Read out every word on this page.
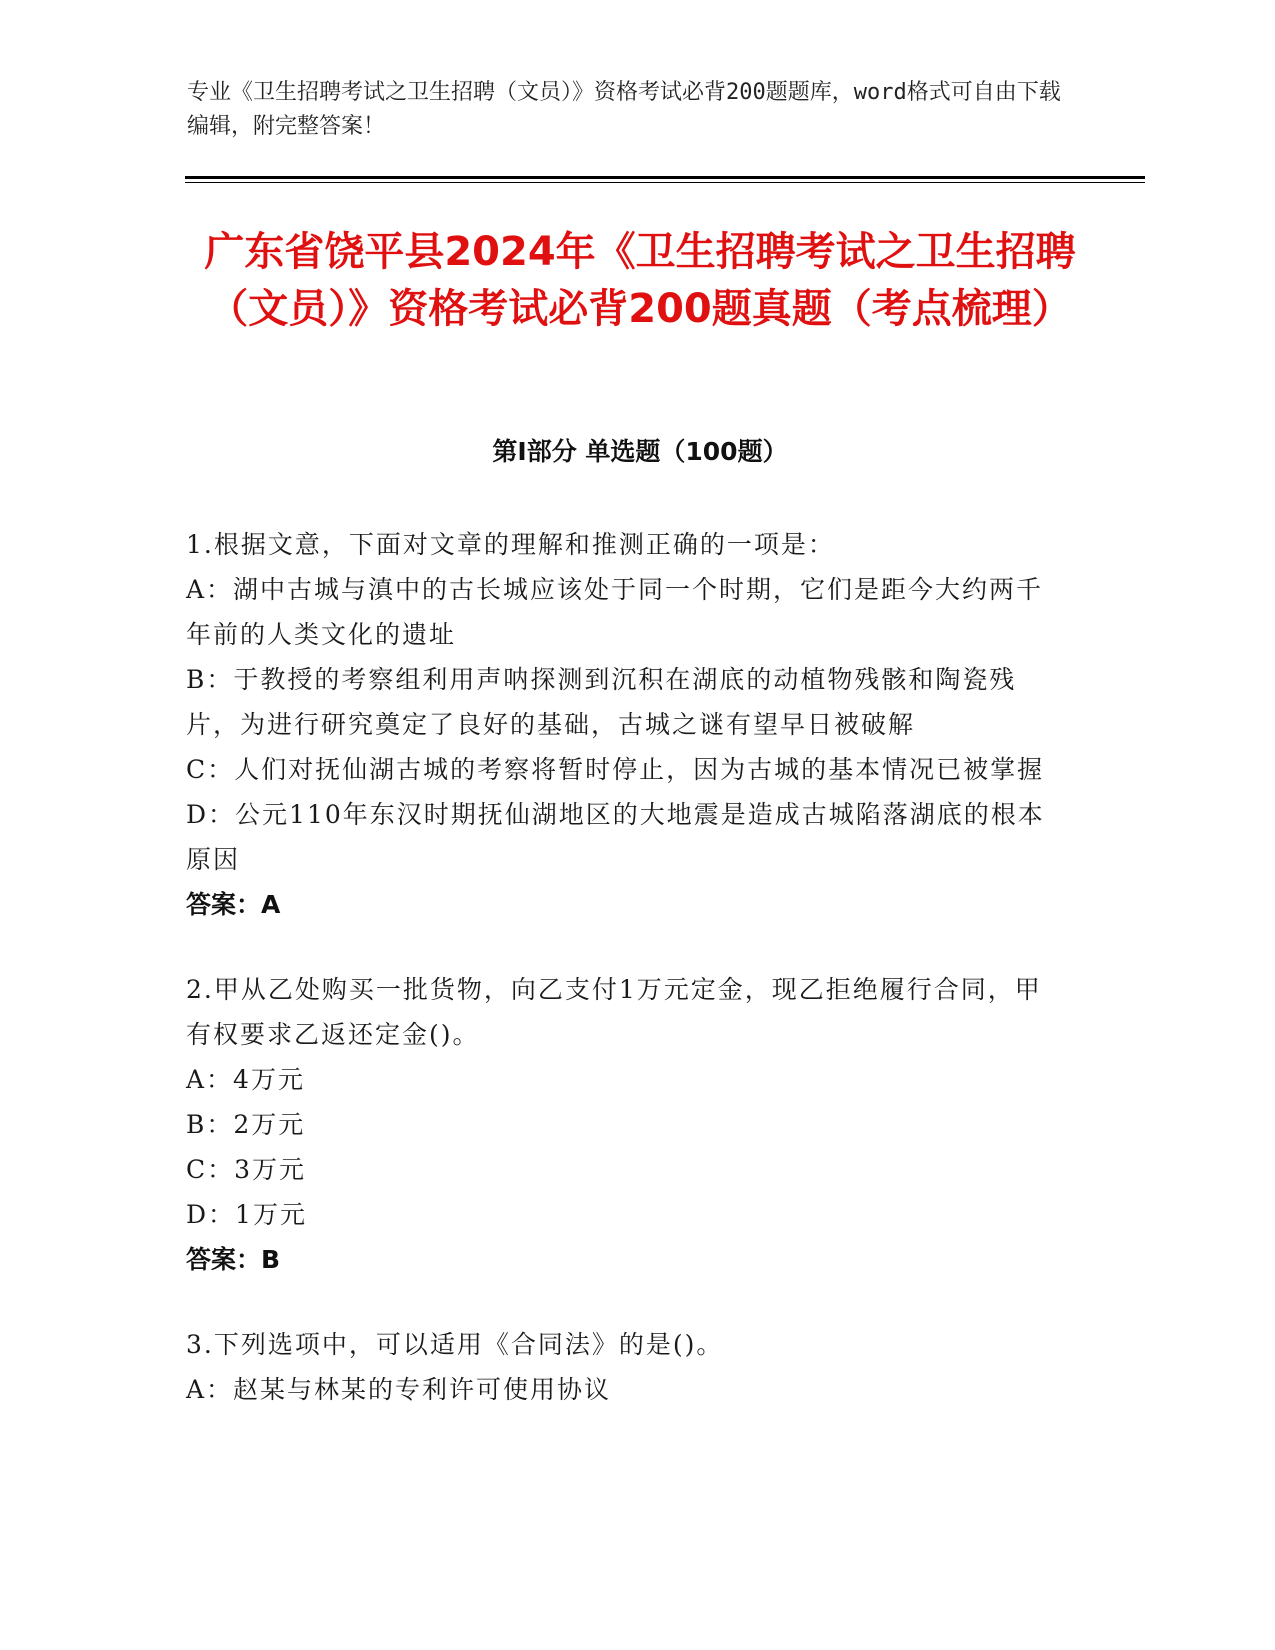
专业《卫生招聘考试之卫生招聘（文员）》资格考试必背200题题库，word格式可自由下载编辑，附完整答案！

广东省饶平县2024年《卫生招聘考试之卫生招聘（文员）》资格考试必背200题真题（考点梳理）
第Ⅰ部分 单选题（100题）

1.根据文意，下面对文章的理解和推测正确的一项是：

A：湖中古城与滇中的古长城应该处于同一个时期，它们是距今大约两千年前的人类文化的遗址

B：于教授的考察组利用声呐探测到沉积在湖底的动植物残骸和陶瓷残片，为进行研究奠定了良好的基础，古城之谜有望早日被破解

C：人们对抚仙湖古城的考察将暂时停止，因为古城的基本情况已被掌握

D：公元110年东汉时期抚仙湖地区的大地震是造成古城陷落湖底的根本原因

答案：A

2.甲从乙处购买一批货物，向乙支付1万元定金，现乙拒绝履行合同，甲有权要求乙返还定金()。

A：4万元

B：2万元

C：3万元

D：1万元

答案：B

3.下列选项中，可以适用《合同法》的是()。

A：赵某与林某的专利许可使用协议
